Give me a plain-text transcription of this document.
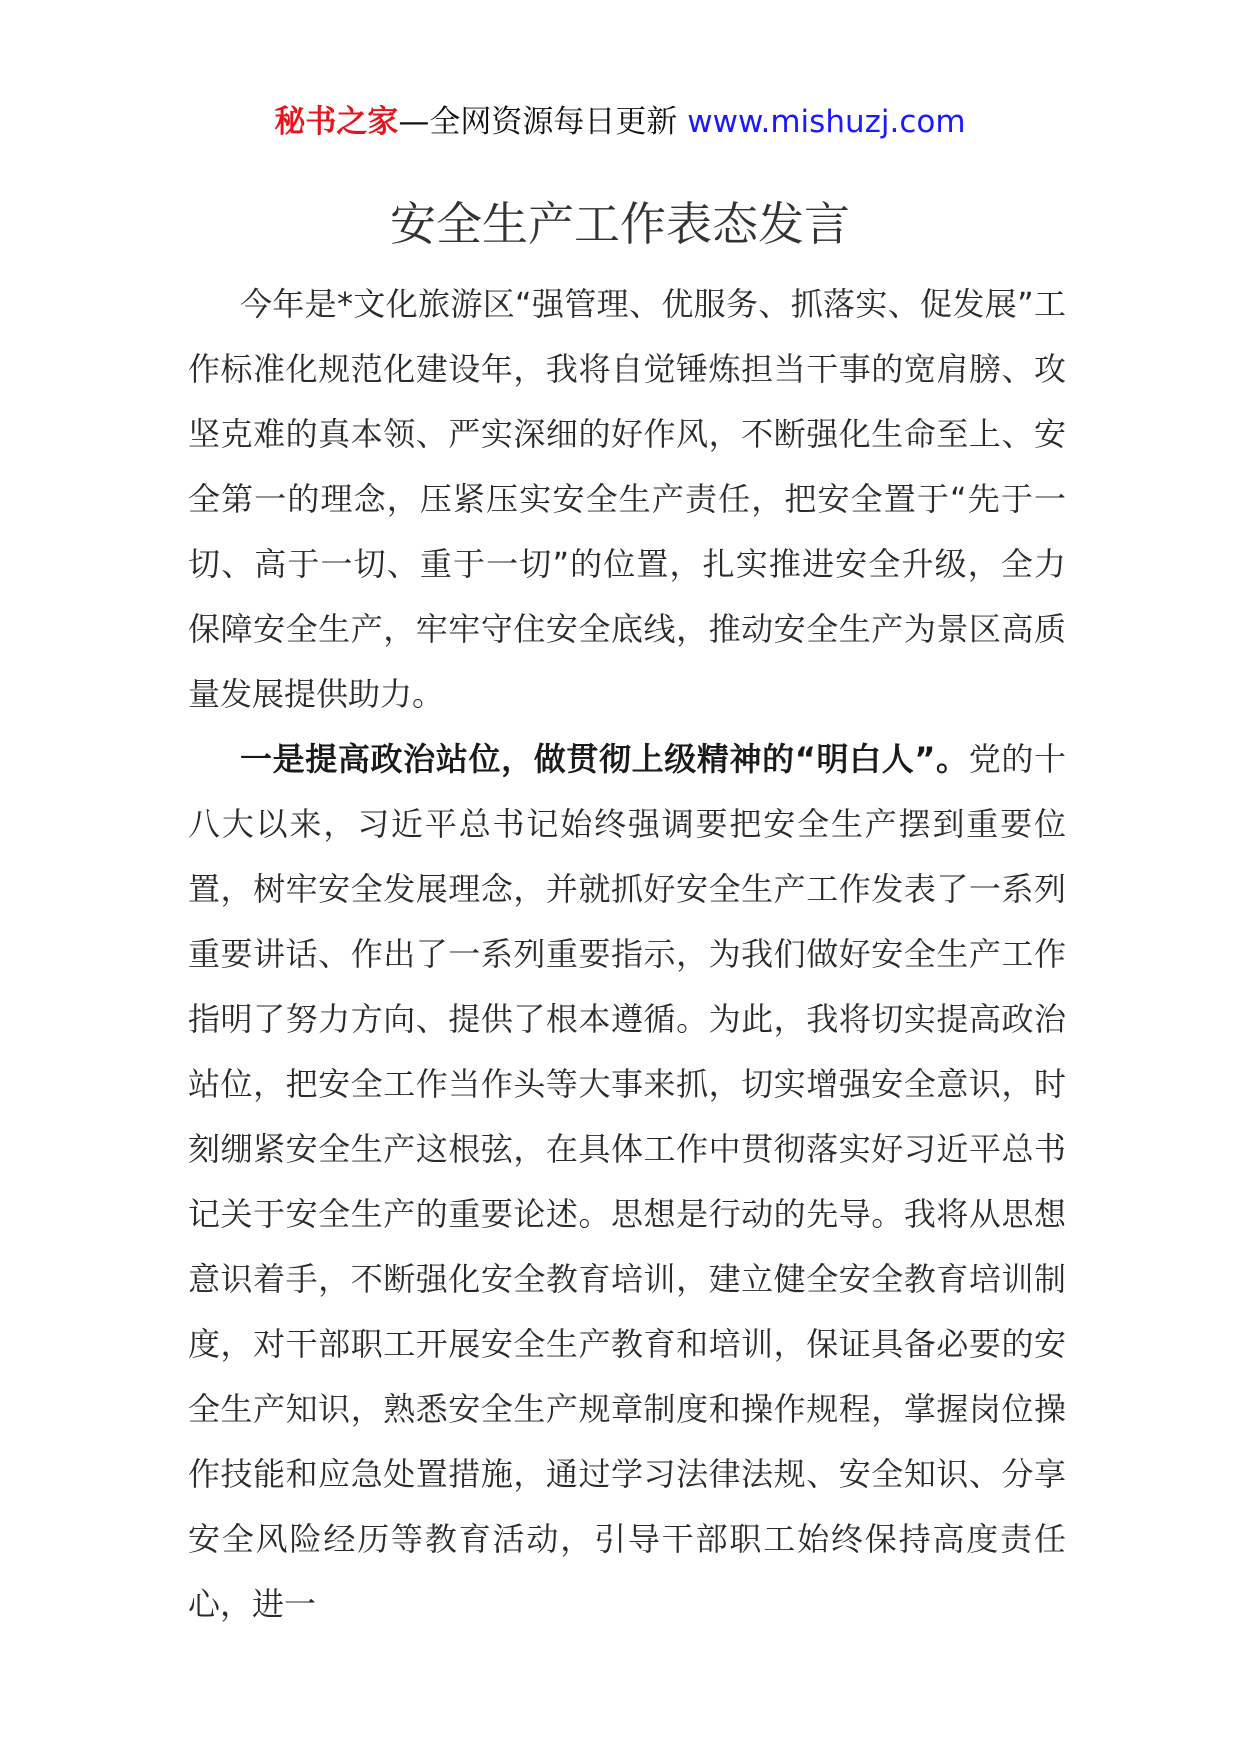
秘书之家—全网资源每日更新 www.mishuzj.com
安全生产工作表态发言

今年是*文化旅游区“强管理、优服务、抓落实、促发展”工作标准化规范化建设年，我将自觉锤炼担当干事的宽肩膀、攻坚克难的真本领、严实深细的好作风，不断强化生命至上、安全第一的理念，压紧压实安全生产责任，把安全置于“先于一切、高于一切、重于一切”的位置，扎实推进安全升级，全力保障安全生产，牢牢守住安全底线，推动安全生产为景区高质量发展提供助力。

一是提高政治站位，做贯彻上级精神的“明白人”。党的十八大以来，习近平总书记始终强调要把安全生产摆到重要位置，树牢安全发展理念，并就抓好安全生产工作发表了一系列重要讲话、作出了一系列重要指示，为我们做好安全生产工作指明了努力方向、提供了根本遵循。为此，我将切实提高政治站位，把安全工作当作头等大事来抓，切实增强安全意识，时刻绷紧安全生产这根弦，在具体工作中贯彻落实好习近平总书记关于安全生产的重要论述。思想是行动的先导。我将从思想意识着手，不断强化安全教育培训，建立健全安全教育培训制度，对干部职工开展安全生产教育和培训，保证具备必要的安全生产知识，熟悉安全生产规章制度和操作规程，掌握岗位操作技能和应急处置措施，通过学习法律法规、安全知识、分享安全风险经历等教育活动，引导干部职工始终保持高度责任心，进一
